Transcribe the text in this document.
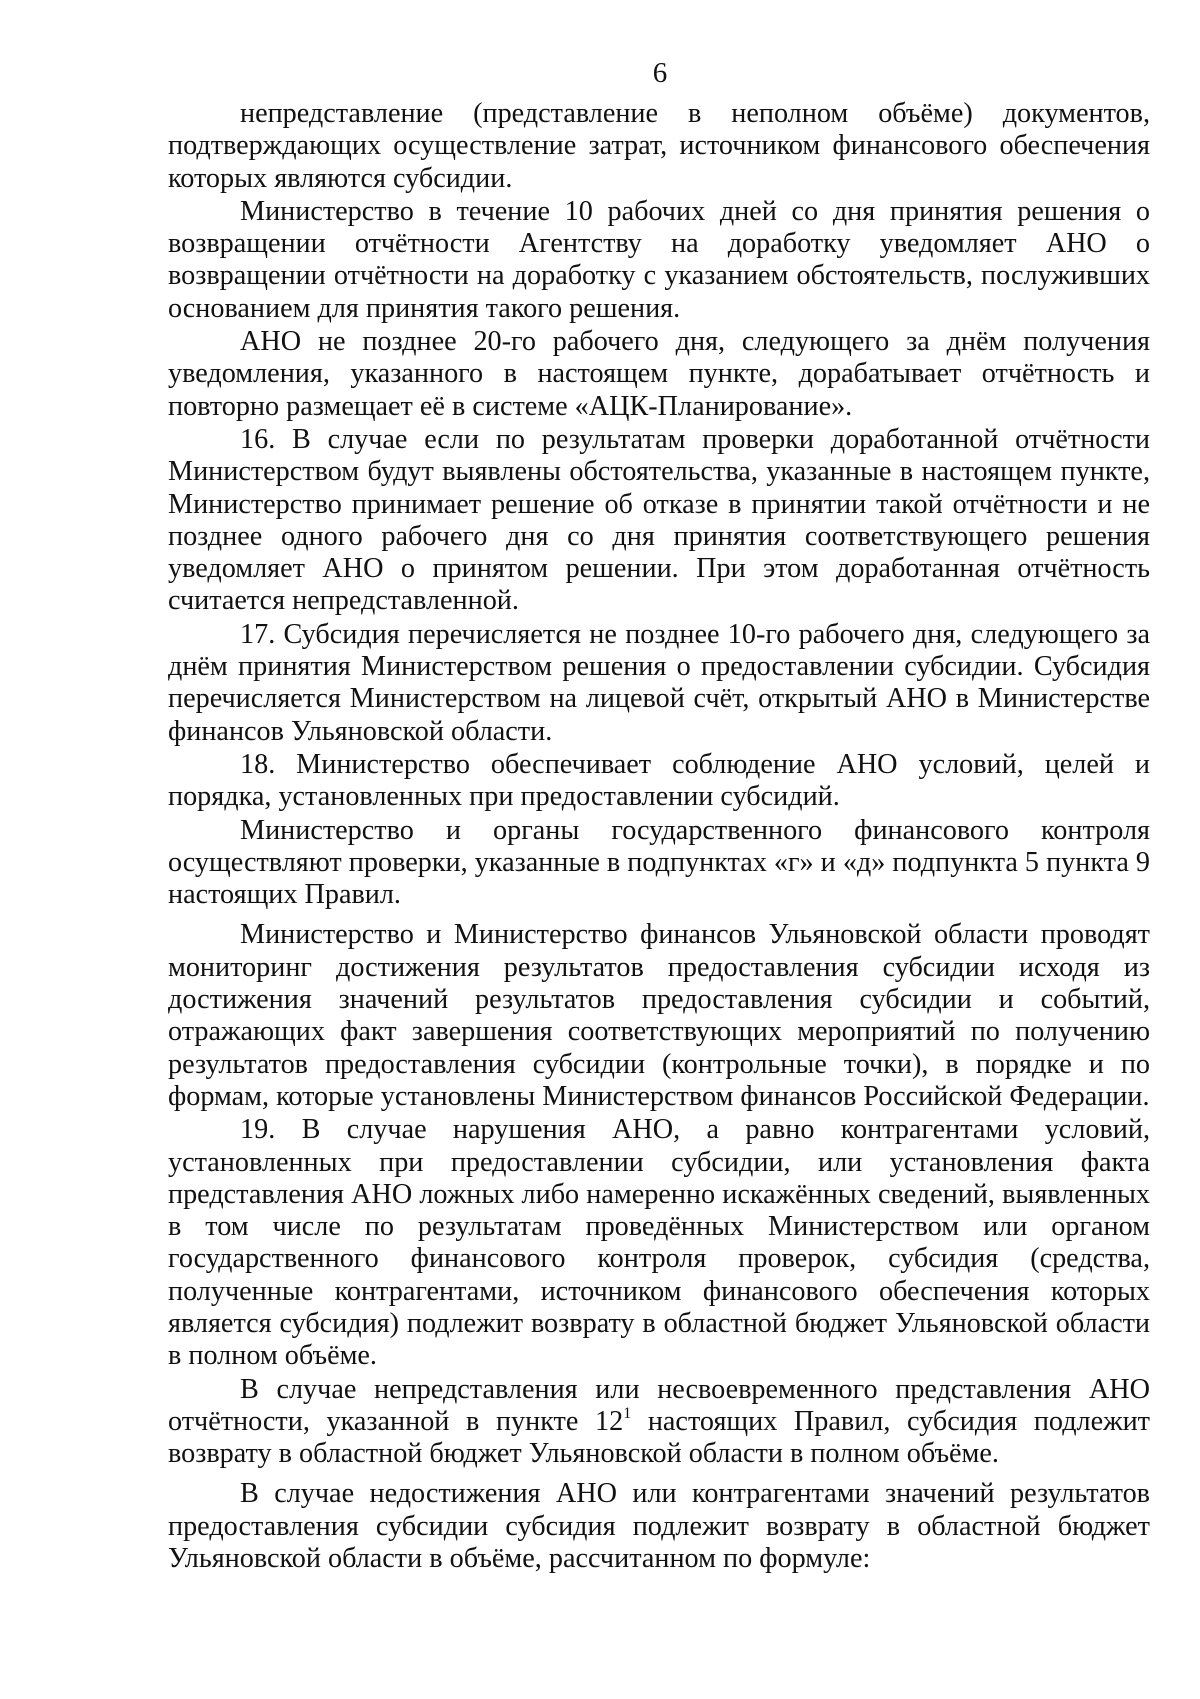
6

непредставление (представление в неполном объёме) документов, подтверждающих осуществление затрат, источником финансового обеспечения которых являются субсидии.

Министерство в течение 10 рабочих дней со дня принятия решения о возвращении отчётности Агентству на доработку уведомляет АНО о возвращении отчётности на доработку с указанием обстоятельств, послуживших основанием для принятия такого решения.

АНО не позднее 20-го рабочего дня, следующего за днём получения уведомления, указанного в настоящем пункте, дорабатывает отчётность и повторно размещает её в системе «АЦК-Планирование».

16. В случае если по результатам проверки доработанной отчётности Министерством будут выявлены обстоятельства, указанные в настоящем пункте, Министерство принимает решение об отказе в принятии такой отчётности и не позднее одного рабочего дня со дня принятия соответствующего решения уведомляет АНО о принятом решении. При этом доработанная отчётность считается непредставленной.

17. Субсидия перечисляется не позднее 10-го рабочего дня, следующего за днём принятия Министерством решения о предоставлении субсидии. Субсидия перечисляется Министерством на лицевой счёт, открытый АНО в Министерстве финансов Ульяновской области.

18. Министерство обеспечивает соблюдение АНО условий, целей и порядка, установленных при предоставлении субсидий.

Министерство и органы государственного финансового контроля осуществляют проверки, указанные в подпунктах «г» и «д» подпункта 5 пункта 9 настоящих Правил.

Министерство и Министерство финансов Ульяновской области проводят мониторинг достижения результатов предоставления субсидии исходя из достижения значений результатов предоставления субсидии и событий, отражающих факт завершения соответствующих мероприятий по получению результатов предоставления субсидии (контрольные точки), в порядке и по формам, которые установлены Министерством финансов Российской Федерации.

19. В случае нарушения АНО, а равно контрагентами условий, установленных при предоставлении субсидии, или установления факта представления АНО ложных либо намеренно искажённых сведений, выявленных в том числе по результатам проведённых Министерством или органом государственного финансового контроля проверок, субсидия (средства, полученные контрагентами, источником финансового обеспечения которых является субсидия) подлежит возврату в областной бюджет Ульяновской области в полном объёме.

В случае непредставления или несвоевременного представления АНО отчётности, указанной в пункте $12^1$ настоящих Правил, субсидия подлежит возврату в областной бюджет Ульяновской области в полном объёме.

В случае недостижения АНО или контрагентами значений результатов предоставления субсидии субсидия подлежит возврату в областной бюджет Ульяновской области в объёме, рассчитанном по формуле:
